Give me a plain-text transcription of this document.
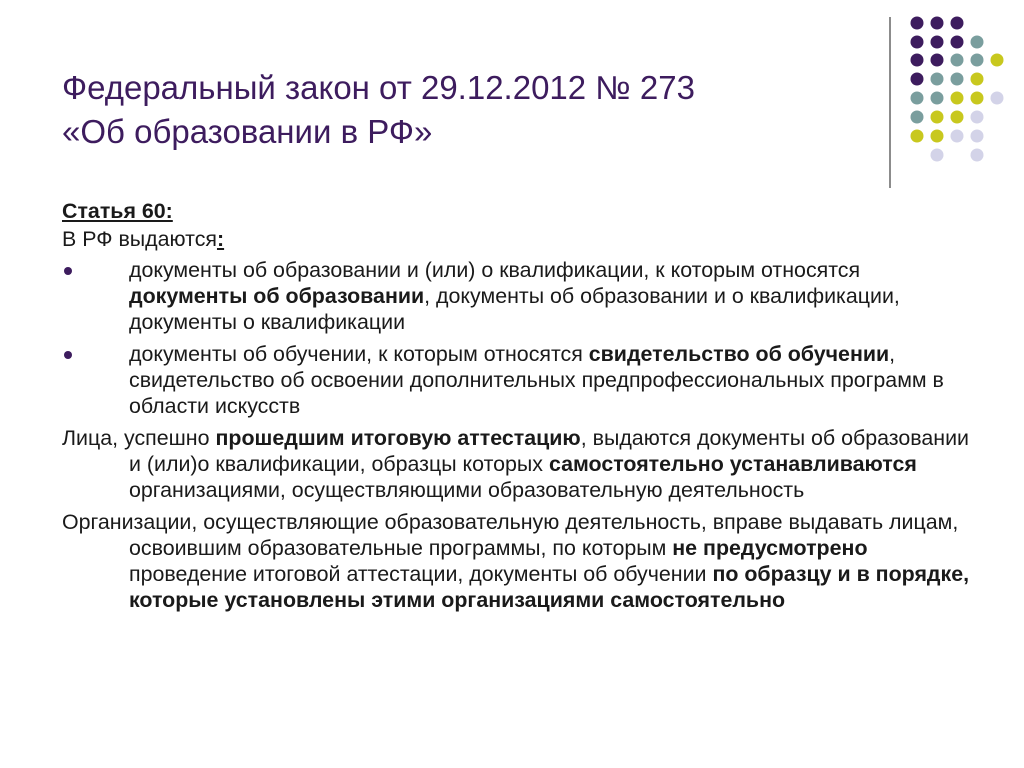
Федеральный закон от 29.12.2012 № 273
«Об образовании в РФ»

Статья 60:

В РФ выдаются:

документы об образовании и (или) о квалификации, к которым относятся документы об образовании, документы об образовании и о квалификации, документы о квалификации
документы об обучении, к которым относятся свидетельство об обучении, свидетельство об освоении дополнительных предпрофессиональных программ в области искусств

Лица, успешно прошедшим итоговую аттестацию, выдаются документы об образовании и (или)о квалификации, образцы которых самостоятельно устанавливаются организациями, осуществляющими образовательную деятельность

Организации, осуществляющие образовательную деятельность, вправе выдавать лицам, освоившим образовательные программы, по которым не предусмотрено проведение итоговой аттестации, документы об обучении по образцу и в порядке, которые установлены этими организациями самостоятельно
